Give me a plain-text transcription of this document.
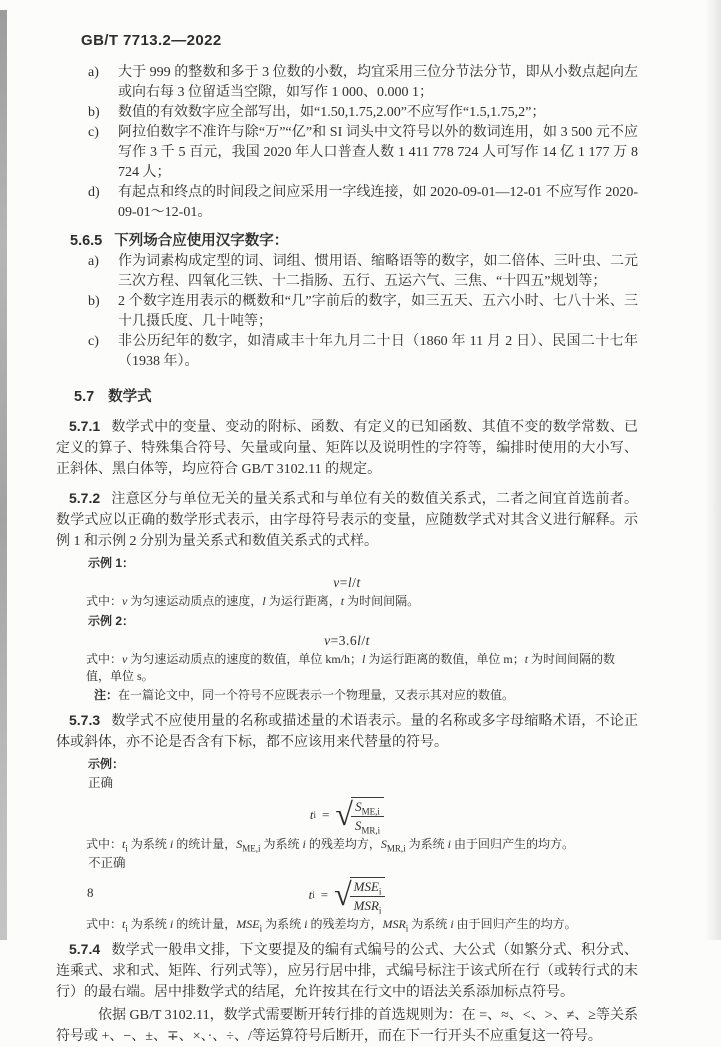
GB/T 7713.2—2022
a)	大于 999 的整数和多于 3 位数的小数，均宜采用三位分节法分节，即从小数点起向左或向右每 3 位留适当空隙，如写作 1 000、0.000 1；
b)	数值的有效数字应全部写出，如“1.50,1.75,2.00”不应写作“1.5,1.75,2”；
c)	阿拉伯数字不准许与除“万”“亿”和 SI 词头中文符号以外的数词连用，如 3 500 元不应写作 3 千 5 百元，我国 2020 年人口普查人数 1 411 778 724 人可写作 14 亿 1 177 万 8 724 人；
d)	有起点和终点的时间段之间应采用一字线连接，如 2020-09-01—12-01 不应写作 2020-09-01～12-01。
5.6.5 下列场合应使用汉字数字：
a)	作为词素构成定型的词、词组、惯用语、缩略语等的数字，如二倍体、三叶虫、二元三次方程、四氧化三铁、十二指肠、五行、五运六气、三焦、“十四五”规划等；
b)	2 个数字连用表示的概数和“几”字前后的数字，如三五天、五六小时、七八十米、三十几摄氏度、几十吨等；
c)	非公历纪年的数字，如清咸丰十年九月二十日（1860 年 11 月 2 日）、民国二十七年（1938 年）。
5.7 数学式

5.7.1 数学式中的变量、变动的附标、函数、有定义的已知函数、其值不变的数学常数、已定义的算子、特殊集合符号、矢量或向量、矩阵以及说明性的字符等，编排时使用的大小写、正斜体、黑白体等，均应符合 GB/T 3102.11 的规定。

5.7.2 注意区分与单位无关的量关系式和与单位有关的数值关系式，二者之间宜首选前者。数学式应以正确的数学形式表示，由字母符号表示的变量，应随数学式对其含义进行解释。示例 1 和示例 2 分别为量关系式和数值关系式的式样。

示例 1：
v=l/t
式中：v 为匀速运动质点的速度，l 为运行距离，t 为时间间隔。
示例 2：
v=3.6l/t
式中：v 为匀速运动质点的速度的数值，单位 km/h；l 为运行距离的数值，单位 m；t 为时间间隔的数值，单位 s。
注：在一篇论文中，同一个符号不应既表示一个物理量，又表示其对应的数值。

5.7.3 数学式不应使用量的名称或描述量的术语表示。量的名称或多字母缩略术语，不论正体或斜体，亦不论是否含有下标，都不应该用来代替量的符号。

示例：
正确
t i = √
$\frac{S_{ME,i}}{S_{MR,i}}$
式中：$t_i$ 为系统 i 的统计量，$S_{ME,i}$ 为系统 i 的残差均方，$S_{MR,i}$ 为系统 i 由于回归产生的均方。
不正确
t i = √
$\frac{MSE_i}{MSR_i}$
式中：$t_i$ 为系统 i 的统计量，$MSE_i$ 为系统 i 的残差均方，$MSR_i$ 为系统 i 由于回归产生的均方。

5.7.4 数学式一般串文排，下文要提及的编有式编号的公式、大公式（如繁分式、积分式、连乘式、求和式、矩阵、行列式等），应另行居中排，式编号标注于该式所在行（或转行式的末行）的最右端。居中排数学式的结尾，允许按其在行文中的语法关系添加标点符号。

依据 GB/T 3102.11，数学式需要断开转行排的首选规则为：在 =、≈、<、>、≠、≥等关系符号或 +、−、±、∓、×、·、÷、/等运算符号后断开，而在下一行开头不应重复这一符号。

8
